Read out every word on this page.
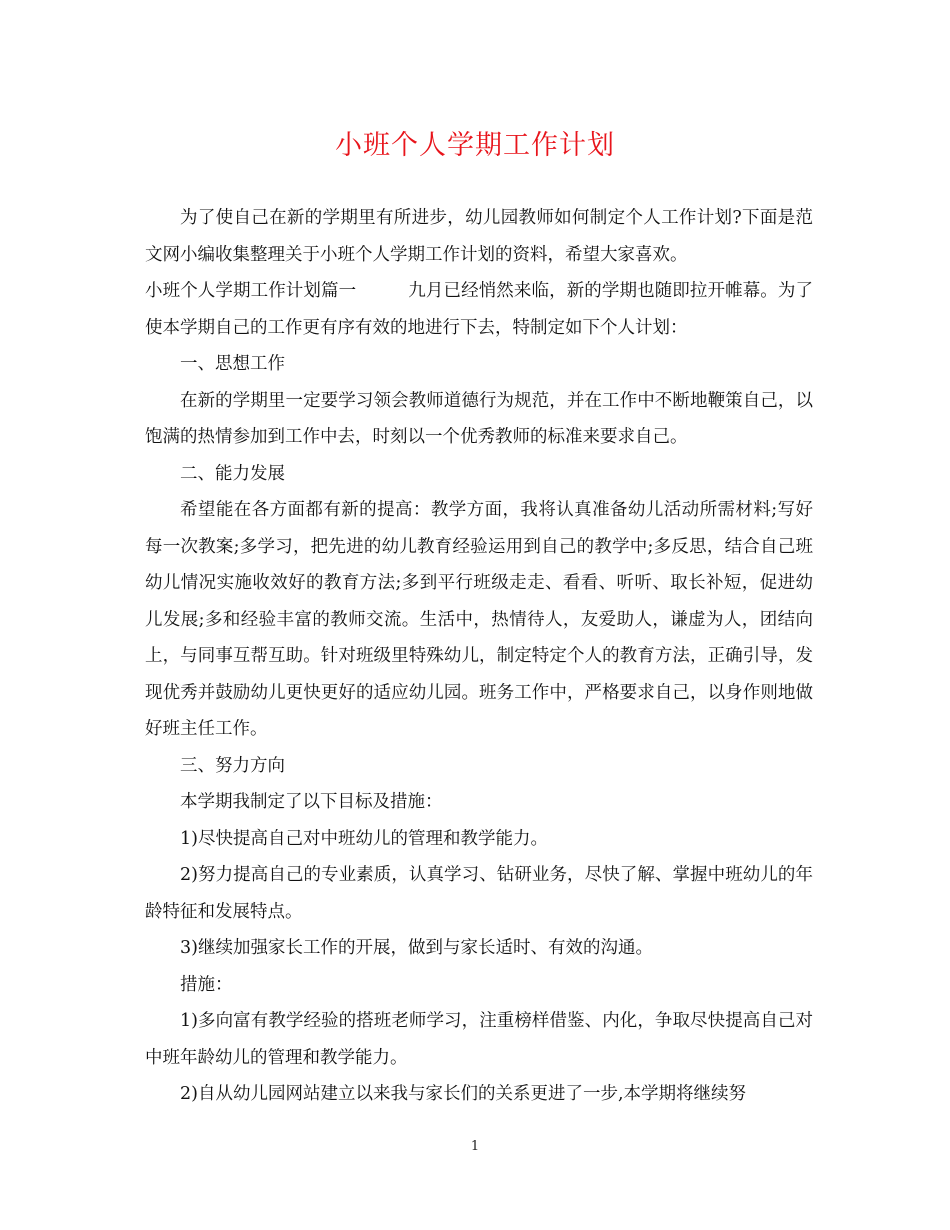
小班个人学期工作计划

为了使自己在新的学期里有所进步，幼儿园教师如何制定个人工作计划?下面是范文网小编收集整理关于小班个人学期工作计划的资料，希望大家喜欢。

小班个人学期工作计划篇一	九月已经悄然来临，新的学期也随即拉开帷幕。为了使本学期自己的工作更有序有效的地进行下去，特制定如下个人计划：

一、思想工作

在新的学期里一定要学习领会教师道德行为规范，并在工作中不断地鞭策自己，以饱满的热情参加到工作中去，时刻以一个优秀教师的标准来要求自己。

二、能力发展

希望能在各方面都有新的提高：教学方面，我将认真准备幼儿活动所需材料;写好每一次教案;多学习，把先进的幼儿教育经验运用到自己的教学中;多反思，结合自己班幼儿情况实施收效好的教育方法;多到平行班级走走、看看、听听、取长补短，促进幼儿发展;多和经验丰富的教师交流。生活中，热情待人，友爱助人，谦虚为人，团结向上，与同事互帮互助。针对班级里特殊幼儿，制定特定个人的教育方法，正确引导，发现优秀并鼓励幼儿更快更好的适应幼儿园。班务工作中，严格要求自己，以身作则地做好班主任工作。

三、努力方向

本学期我制定了以下目标及措施：

1)尽快提高自己对中班幼儿的管理和教学能力。

2)努力提高自己的专业素质，认真学习、钻研业务，尽快了解、掌握中班幼儿的年龄特征和发展特点。

3)继续加强家长工作的开展，做到与家长适时、有效的沟通。

措施：

1)多向富有教学经验的搭班老师学习，注重榜样借鉴、内化，争取尽快提高自己对中班年龄幼儿的管理和教学能力。

2)自从幼儿园网站建立以来我与家长们的关系更进了一步,本学期将继续努

1
